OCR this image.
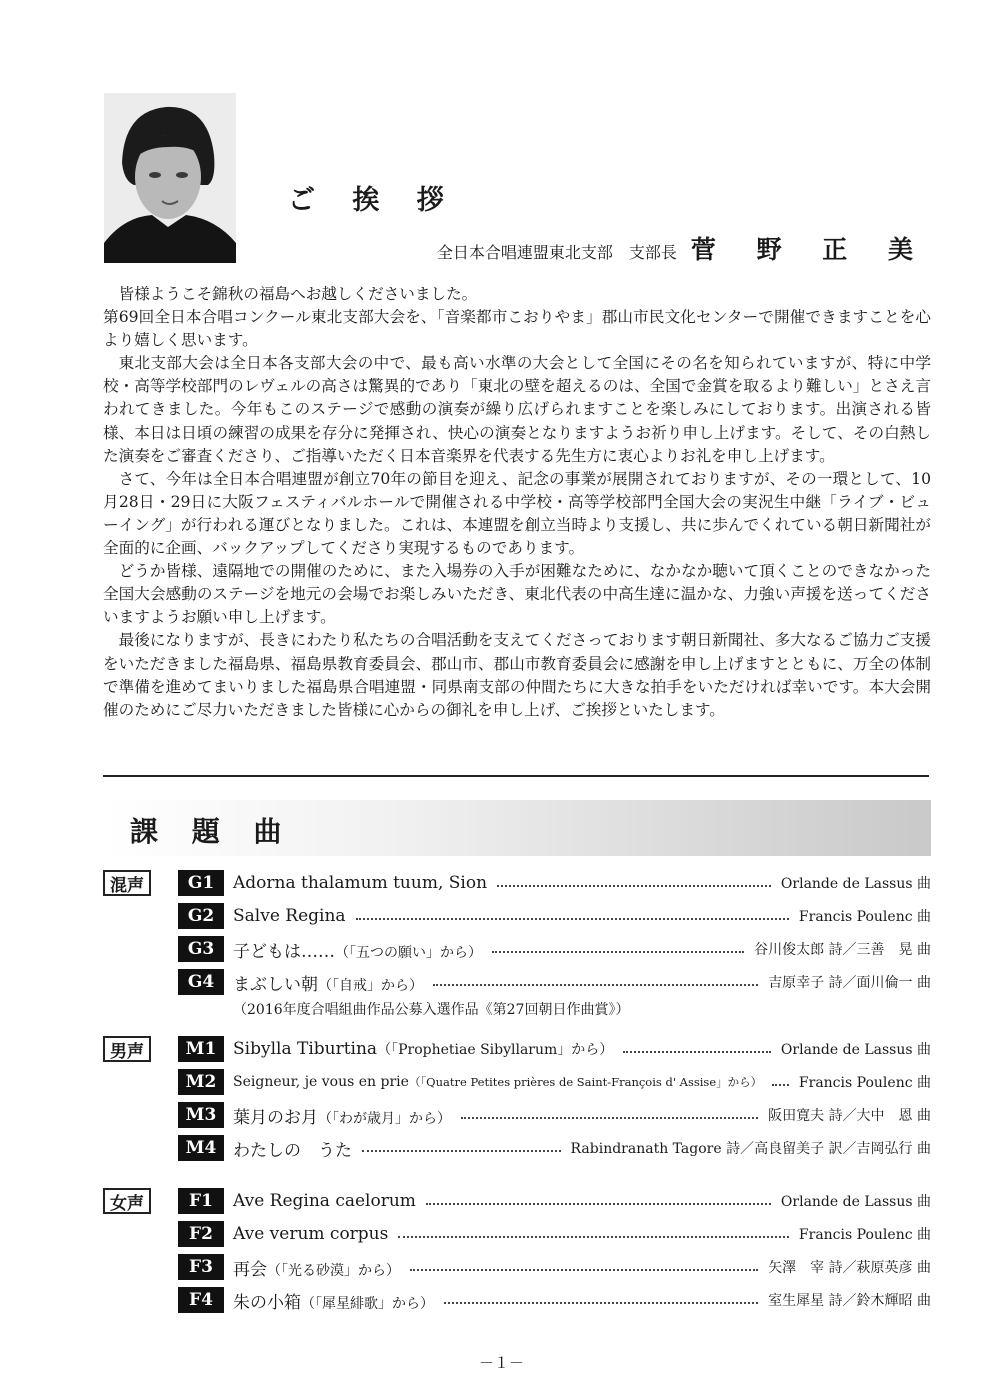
ご 挨 拶
全日本合唱連盟東北支部　支部長 菅 野 正 美

皆様ようこそ錦秋の福島へお越しくださいました。

第69回全日本合唱コンクール東北支部大会を、「音楽都市こおりやま」郡山市民文化センターで開催できますことを心より嬉しく思います。

東北支部大会は全日本各支部大会の中で、最も高い水準の大会として全国にその名を知られていますが、特に中学校・高等学校部門のレヴェルの高さは驚異的であり「東北の壁を超えるのは、全国で金賞を取るより難しい」とさえ言われてきました。今年もこのステージで感動の演奏が繰り広げられますことを楽しみにしております。出演される皆様、本日は日頃の練習の成果を存分に発揮され、快心の演奏となりますようお祈り申し上げます。そして、その白熱した演奏をご審査くださり、ご指導いただく日本音楽界を代表する先生方に衷心よりお礼を申し上げます。

さて、今年は全日本合唱連盟が創立70年の節目を迎え、記念の事業が展開されておりますが、その一環として、10月28日・29日に大阪フェスティバルホールで開催される中学校・高等学校部門全国大会の実況生中継「ライブ・ビューイング」が行われる運びとなりました。これは、本連盟を創立当時より支援し、共に歩んでくれている朝日新聞社が全面的に企画、バックアップしてくださり実現するものであります。

どうか皆様、遠隔地での開催のために、また入場券の入手が困難なために、なかなか聴いて頂くことのできなかった全国大会感動のステージを地元の会場でお楽しみいただき、東北代表の中高生達に温かな、力強い声援を送ってくださいますようお願い申し上げます。

最後になりますが、長きにわたり私たちの合唱活動を支えてくださっております朝日新聞社、多大なるご協力ご支援をいただきました福島県、福島県教育委員会、郡山市、郡山市教育委員会に感謝を申し上げますとともに、万全の体制で準備を進めてまいりました福島県合唱連盟・同県南支部の仲間たちに大きな拍手をいただければ幸いです。本大会開催のためにご尽力いただきました皆様に心からの御礼を申し上げ、ご挨拶といたします。

課 題 曲
混声	G1	Adorna thalamum tuum, Sion	Orlande de Lassus 曲
G2	Salve Regina	Francis Poulenc 曲
G3	子どもは……（「五つの願い」から）	谷川俊太郎 詩／三善　晃 曲
G4	まぶしい朝（「自戒」から）	吉原幸子 詩／面川倫一 曲
（2016年度合唱組曲作品公募入選作品《第27回朝日作曲賞》）
男声	M1 Sibylla Tiburtina（「Prophetiae Sibyllarum」から）	Orlande de Lassus 曲
M2	Seigneur, je vous en prie（「Quatre Petites prières de Saint-François d' Assise」から）	Francis Poulenc 曲
M3 葉月のお月（「わが歳月」から）	阪田寛夫 詩／大中　恩 曲
M4 わたしの　うた	Rabindranath Tagore 詩／高良留美子 訳／吉岡弘行 曲
女声	F1	Ave Regina caelorum	Orlande de Lassus 曲
F2	Ave verum corpus	Francis Poulenc 曲
F3	再会（「光る砂漠」から）	矢澤　宰 詩／萩原英彦 曲
F4	朱の小箱（「犀星緋歌」から）	室生犀星 詩／鈴木輝昭 曲
－１－
